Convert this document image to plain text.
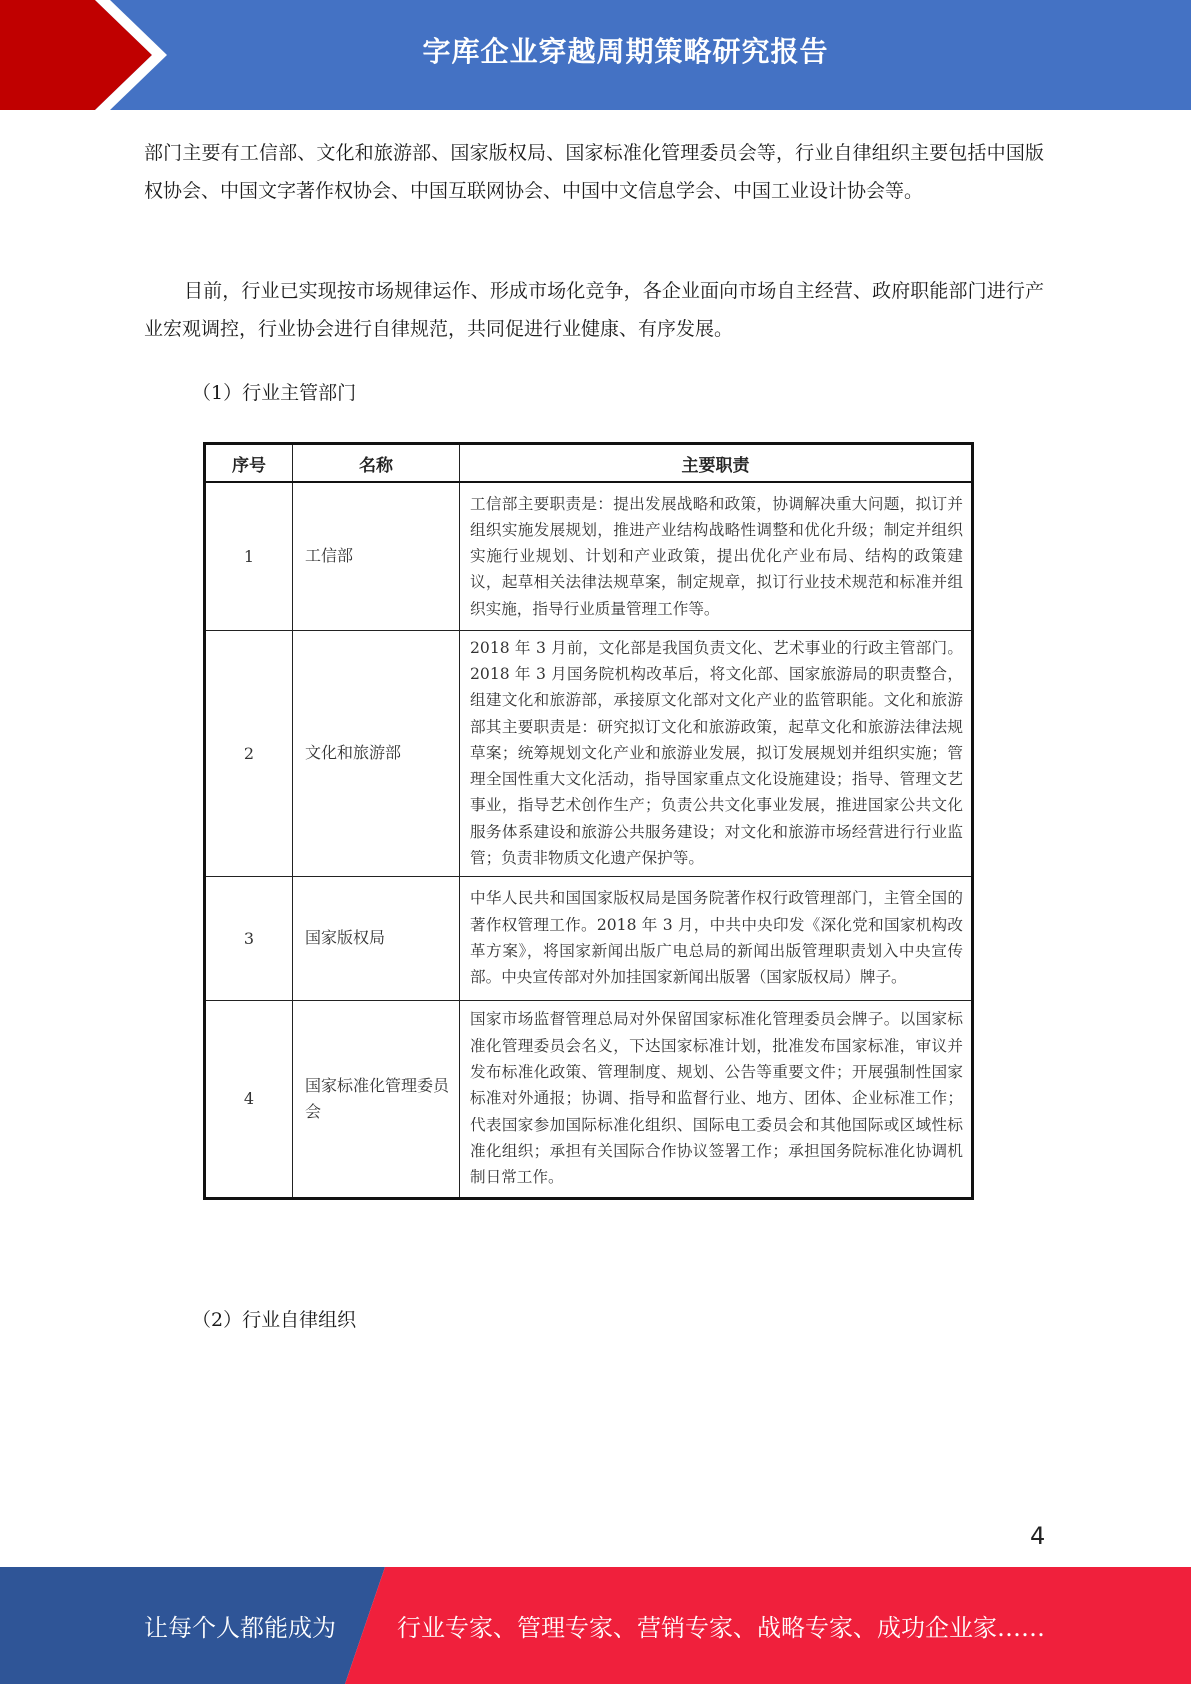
字库企业穿越周期策略研究报告
部门主要有工信部、文化和旅游部、国家版权局、国家标准化管理委员会等，行业自律组织主要包括中国版权协会、中国文字著作权协会、中国互联网协会、中国中文信息学会、中国工业设计协会等。
目前，行业已实现按市场规律运作、形成市场化竞争，各企业面向市场自主经营、政府职能部门进行产业宏观调控，行业协会进行自律规范，共同促进行业健康、有序发展。
（1）行业主管部门
序号	名称	主要职责
1	工信部	工信部主要职责是：提出发展战略和政策，协调解决重大问题，拟订并组织实施发展规划，推进产业结构战略性调整和优化升级；制定并组织实施行业规划、计划和产业政策，提出优化产业布局、结构的政策建议，起草相关法律法规草案，制定规章，拟订行业技术规范和标准并组织实施，指导行业质量管理工作等。
2	文化和旅游部	2018 年 3 月前，文化部是我国负责文化、艺术事业的行政主管部门。2018 年 3 月国务院机构改革后，将文化部、国家旅游局的职责整合，组建文化和旅游部，承接原文化部对文化产业的监管职能。文化和旅游部其主要职责是：研究拟订文化和旅游政策，起草文化和旅游法律法规草案；统筹规划文化产业和旅游业发展，拟订发展规划并组织实施；管理全国性重大文化活动，指导国家重点文化设施建设；指导、管理文艺事业，指导艺术创作生产；负责公共文化事业发展，推进国家公共文化服务体系建设和旅游公共服务建设；对文化和旅游市场经营进行行业监管；负责非物质文化遗产保护等。
3	国家版权局	中华人民共和国国家版权局是国务院著作权行政管理部门，主管全国的著作权管理工作。2018 年 3 月，中共中央印发《深化党和国家机构改革方案》，将国家新闻出版广电总局的新闻出版管理职责划入中央宣传部。中央宣传部对外加挂国家新闻出版署（国家版权局）牌子。
4	国家标准化管理委员会	国家市场监督管理总局对外保留国家标准化管理委员会牌子。以国家标准化管理委员会名义，下达国家标准计划，批准发布国家标准，审议并发布标准化政策、管理制度、规划、公告等重要文件；开展强制性国家标准对外通报；协调、指导和监督行业、地方、团体、企业标准工作；代表国家参加国际标准化组织、国际电工委员会和其他国际或区域性标准化组织；承担有关国际合作协议签署工作；承担国务院标准化协调机制日常工作。
（2）行业自律组织
4
让每个人都能成为	行业专家、管理专家、营销专家、战略专家、成功企业家……
